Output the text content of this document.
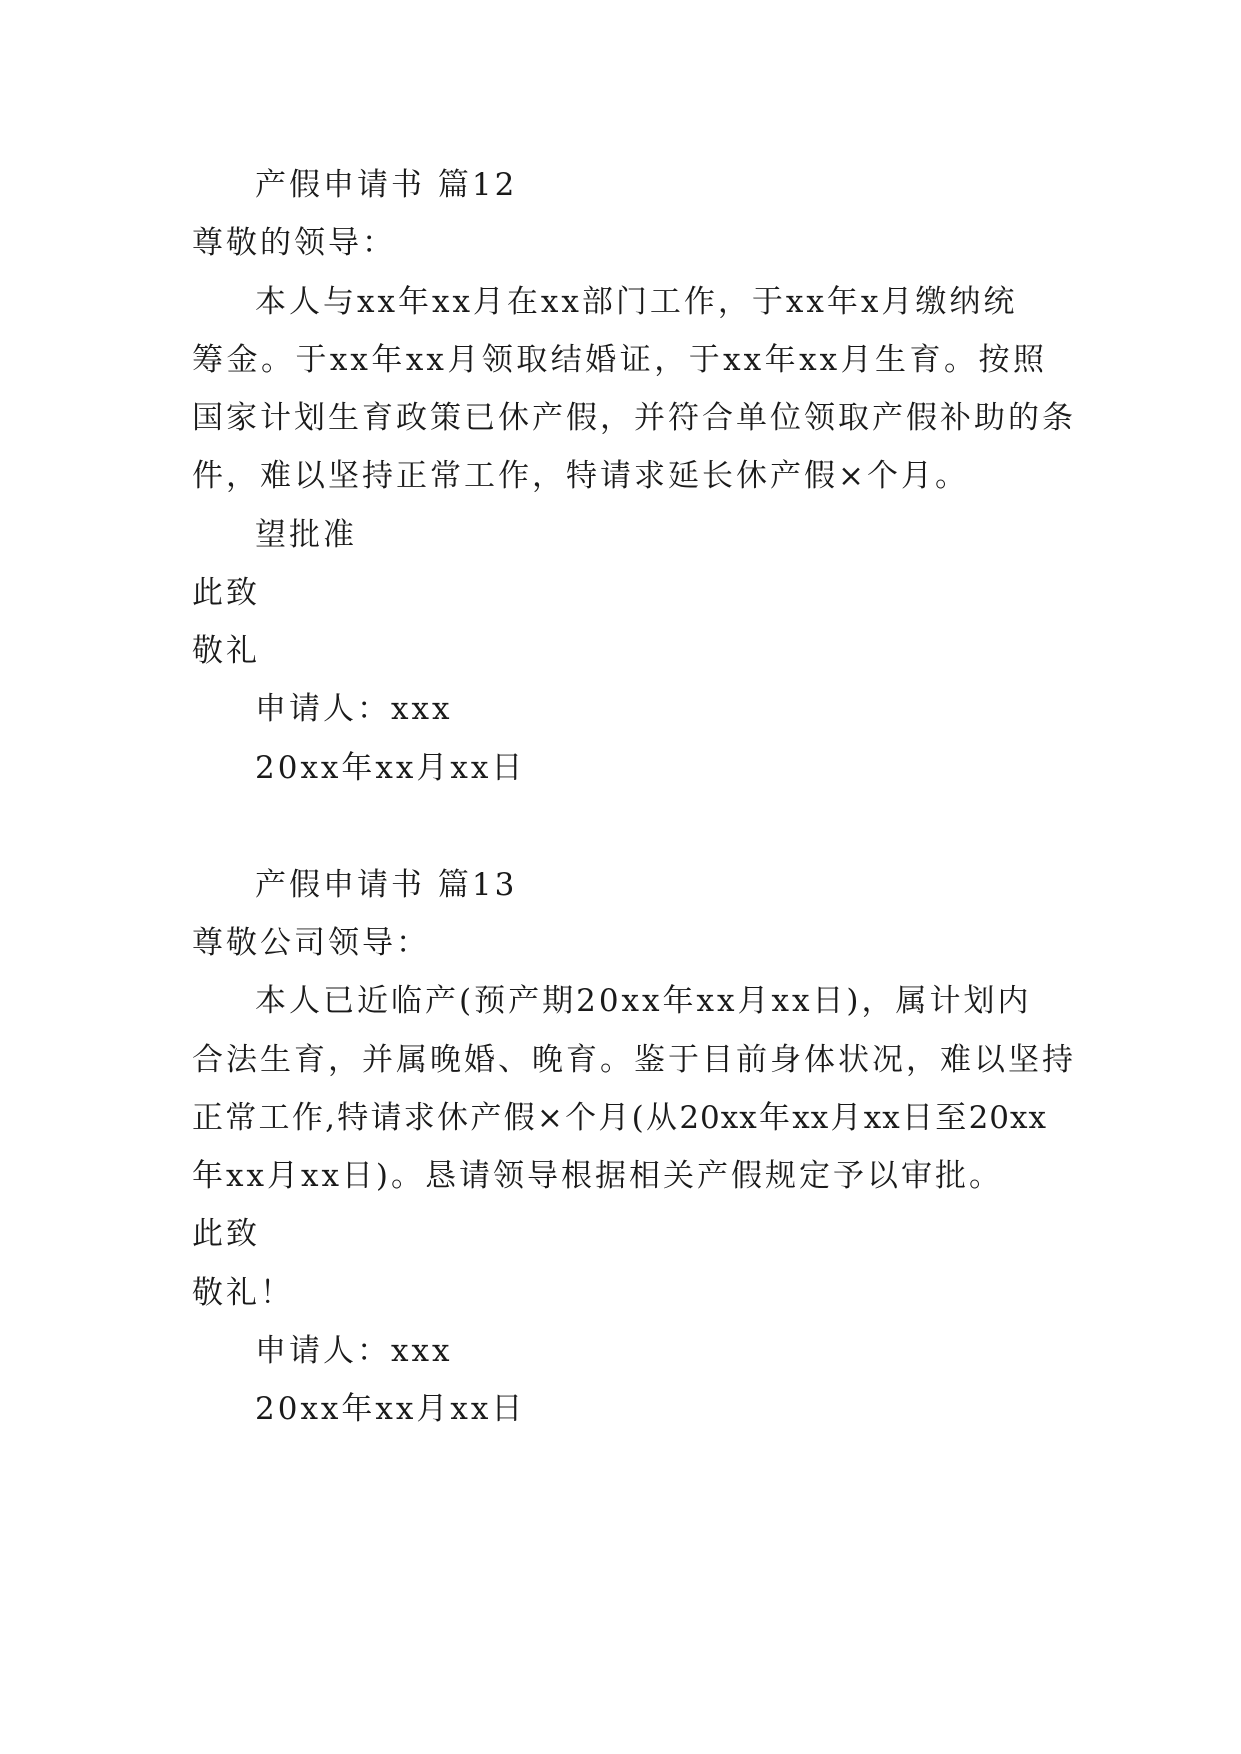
产假申请书 篇12
尊敬的领导：
本人与xx年xx月在xx部门工作，于xx年x月缴纳统
筹金。于xx年xx月领取结婚证，于xx年xx月生育。按照
国家计划生育政策已休产假，并符合单位领取产假补助的条
件，难以坚持正常工作，特请求延长休产假×个月。
望批准
此致
敬礼
申请人：xxx
20xx年xx月xx日
产假申请书 篇13
尊敬公司领导：
本人已近临产(预产期20xx年xx月xx日)，属计划内
合法生育，并属晚婚、晚育。鉴于目前身体状况，难以坚持
正常工作,特请求休产假×个月(从20xx年xx月xx日至20xx
年xx月xx日)。恳请领导根据相关产假规定予以审批。
此致
敬礼！
申请人：xxx
20xx年xx月xx日
